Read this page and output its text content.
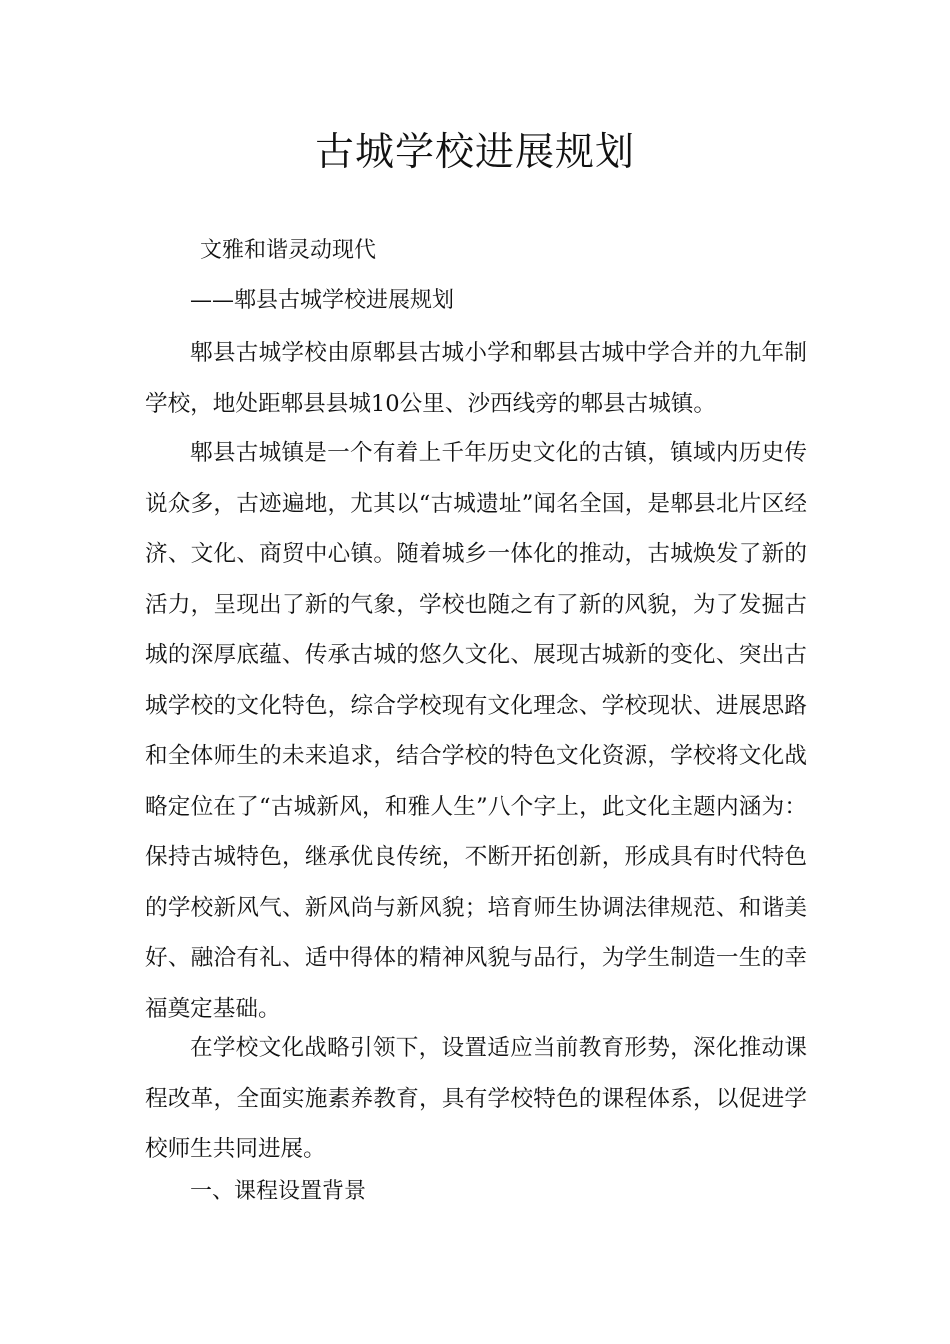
古城学校进展规划

文雅和谐灵动现代

——郫县古城学校进展规划

郫县古城学校由原郫县古城小学和郫县古城中学合并的九年制学校，地处距郫县县城10公里、沙西线旁的郫县古城镇。

郫县古城镇是一个有着上千年历史文化的古镇，镇域内历史传说众多，古迹遍地，尤其以“古城遗址”闻名全国，是郫县北片区经济、文化、商贸中心镇。随着城乡一体化的推动，古城焕发了新的活力，呈现出了新的气象，学校也随之有了新的风貌，为了发掘古城的深厚底蕴、传承古城的悠久文化、展现古城新的变化、突出古城学校的文化特色，综合学校现有文化理念、学校现状、进展思路和全体师生的未来追求，结合学校的特色文化资源，学校将文化战略定位在了“古城新风，和雅人生”八个字上，此文化主题内涵为：保持古城特色，继承优良传统，不断开拓创新，形成具有时代特色的学校新风气、新风尚与新风貌；培育师生协调法律规范、和谐美好、融洽有礼、适中得体的精神风貌与品行，为学生制造一生的幸福奠定基础。

在学校文化战略引领下，设置适应当前教育形势，深化推动课程改革，全面实施素养教育，具有学校特色的课程体系，以促进学校师生共同进展。

一、课程设置背景
